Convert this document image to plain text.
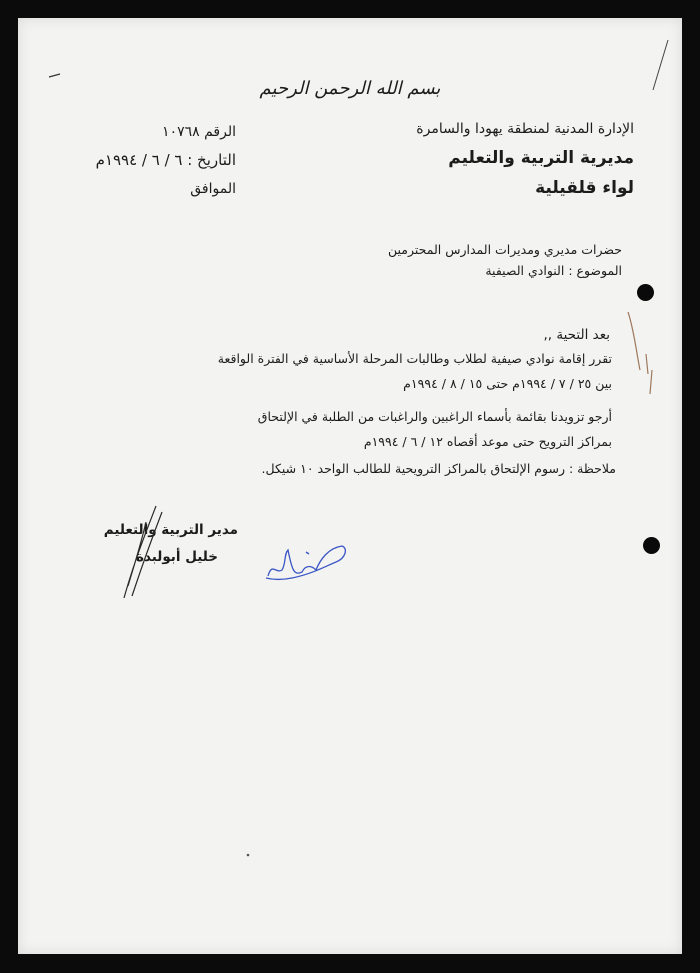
بسم الله الرحمن الرحيم
الإدارة المدنية لمنطقة يهودا والسامرة
مديرية التربية والتعليم
لواء قلقيلية
الرقم ١٠٧٦٨
التاريخ : ٦ / ٦ / ١٩٩٤م
الموافق
حضرات مديري ومديرات المدارس المحترمين
الموضوع : النوادي الصيفية
بعد التحية ,,
تقرر إقامة نوادي صيفية لطلاب وطالبات المرحلة الأساسية في الفترة الواقعة
بين ٢٥ / ٧ / ١٩٩٤م حتى ١٥ / ٨ / ١٩٩٤م
أرجو تزويدنا بقائمة بأسماء الراغبين والراغبات من الطلبة في الإلتحاق
بمراكز الترويح حتى موعد أقصاه ١٢ / ٦ / ١٩٩٤م
ملاحظة : رسوم الإلتحاق بالمراكز الترويحية للطالب الواحد ١٠ شيكل.
مدير التربية والتعليم
خليل أبولبدة
